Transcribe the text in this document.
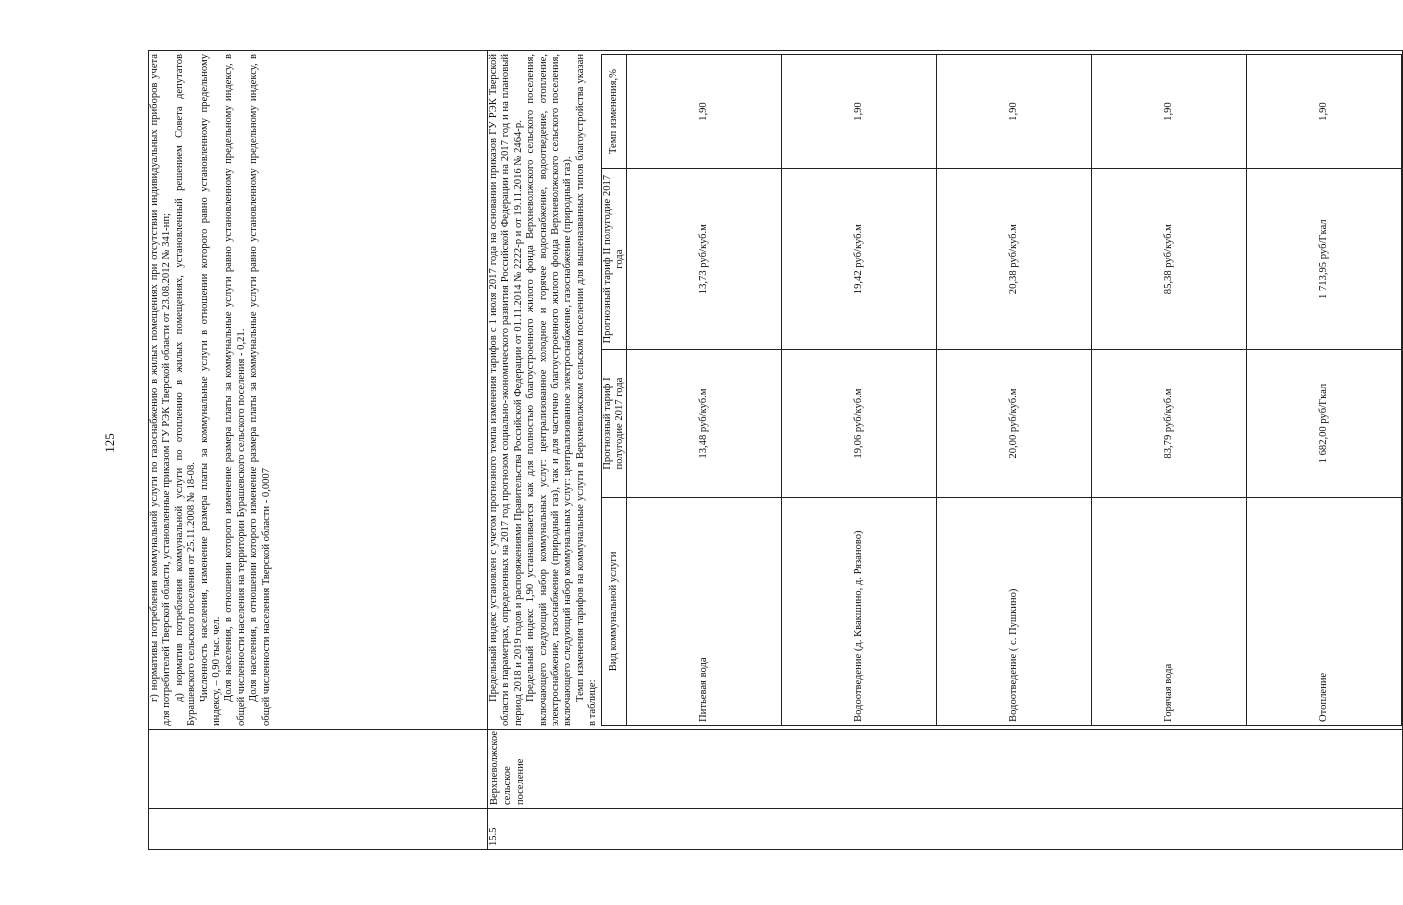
125
			г) нормативы потребления коммунальной услуги по газоснабжению в жилых помещениях при отсутствии индивидуальных приборов учета для потребителей Тверской области, установленные приказом ГУ РЭК Тверской области от 23.08.2012 № 341-нп; д) норматив потребления коммунальной услуги по отоплению в жилых помещениях, установленный решением Совета депутатов Бурашевского сельского поселения от 25.11.2008 № 18-08. Численность населения, изменение размера платы за коммунальные услуги в отношении которого равно установленному предельному индексу, – 0,90 тыс. чел. Доля населения, в отношении которого изменение размера платы за коммунальные услуги равно установленному предельному индексу, в общей численности населения на территории Бурашевского сельского поселения - 0,21. Доля населения, в отношении которого изменение размера платы за коммунальные услуги равно установленному предельному индексу, в общей численности населения Тверской области - 0,0007

15.5	Верхневолжское сельское поселение	

Предельный индекс установлен с учетом прогнозного темпа изменения тарифов с 1 июля 2017 года на основании приказов ГУ РЭК Тверской области в параметрах, определенных на 2017 год прогнозом социально-экономического развития Российской Федерации на 2017 год и на плановый период 2018 и 2019 годов и распоряжениями Правительства Российской Федерации от 01.11.2014 № 2222-р и от 19.11.2016 № 2464-р. Предельный индекс 1,90 устанавливается как для полностью благоустроенного жилого фонда Верхневолжского сельского поселения, включающего следующий набор коммунальных услуг: централизованное холодное и горячее водоснабжение, водоотведение, отопление, электроснабжение, газоснабжение (природный газ), так и для частично благоустроенного жилого фонда Верхневолжского сельского поселения, включающего следующий набор коммунальных услуг: централизованное электроснабжение, газоснабжение (природный газ). Темп изменения тарифов на коммунальные услуги в Верхневолжском сельском поселении для вышеназванных типов благоустройства указан в таблице:

Вид коммунальной услуги	Прогнозный тариф I полугодие 2017 года	Прогнозный тариф II полугодие 2017 года	Темп изменения,%
Питьевая вода	13,48 руб/куб.м	13,73 руб/куб.м	1,90
Водоотведение (д. Квакшино, д. Рязаново)	19,06 руб/куб.м	19,42 руб/куб.м	1,90
Водоотведение ( с. Пушкино)	20,00 руб/куб.м	20,38 руб/куб.м	1,90
Горячая вода	83,79 руб/куб.м	85,38 руб/куб.м	1,90
Отопление	1 682,00 руб/Гкал	1 713,95 руб/Гкал	1,90
